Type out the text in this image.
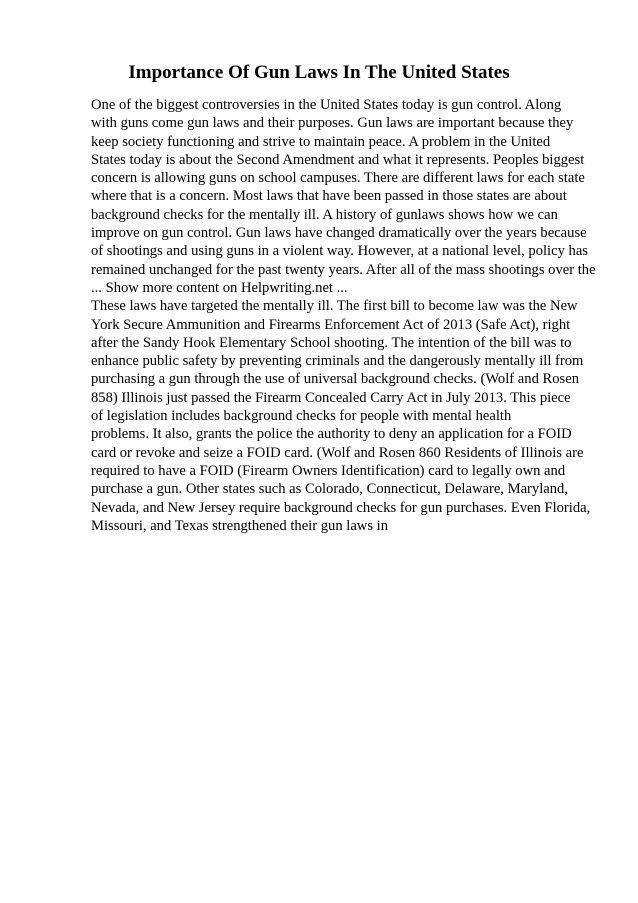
Importance Of Gun Laws In The United States
One of the biggest controversies in the United States today is gun control. Along
with guns come gun laws and their purposes. Gun laws are important because they
keep society functioning and strive to maintain peace. A problem in the United
States today is about the Second Amendment and what it represents. Peoples biggest
concern is allowing guns on school campuses. There are different laws for each state
where that is a concern. Most laws that have been passed in those states are about
background checks for the mentally ill. A history of gunlaws shows how we can
improve on gun control. Gun laws have changed dramatically over the years because
of shootings and using guns in a violent way. However, at a national level, policy has
remained unchanged for the past twenty years. After all of the mass shootings over the
... Show more content on Helpwriting.net ...
These laws have targeted the mentally ill. The first bill to become law was the New
York Secure Ammunition and Firearms Enforcement Act of 2013 (Safe Act), right
after the Sandy Hook Elementary School shooting. The intention of the bill was to
enhance public safety by preventing criminals and the dangerously mentally ill from
purchasing a gun through the use of universal background checks. (Wolf and Rosen
858) Illinois just passed the Firearm Concealed Carry Act in July 2013. This piece
of legislation includes background checks for people with mental health
problems. It also, grants the police the authority to deny an application for a FOID
card or revoke and seize a FOID card. (Wolf and Rosen 860 Residents of Illinois are
required to have a FOID (Firearm Owners Identification) card to legally own and
purchase a gun. Other states such as Colorado, Connecticut, Delaware, Maryland,
Nevada, and New Jersey require background checks for gun purchases. Even Florida,
Missouri, and Texas strengthened their gun laws in
